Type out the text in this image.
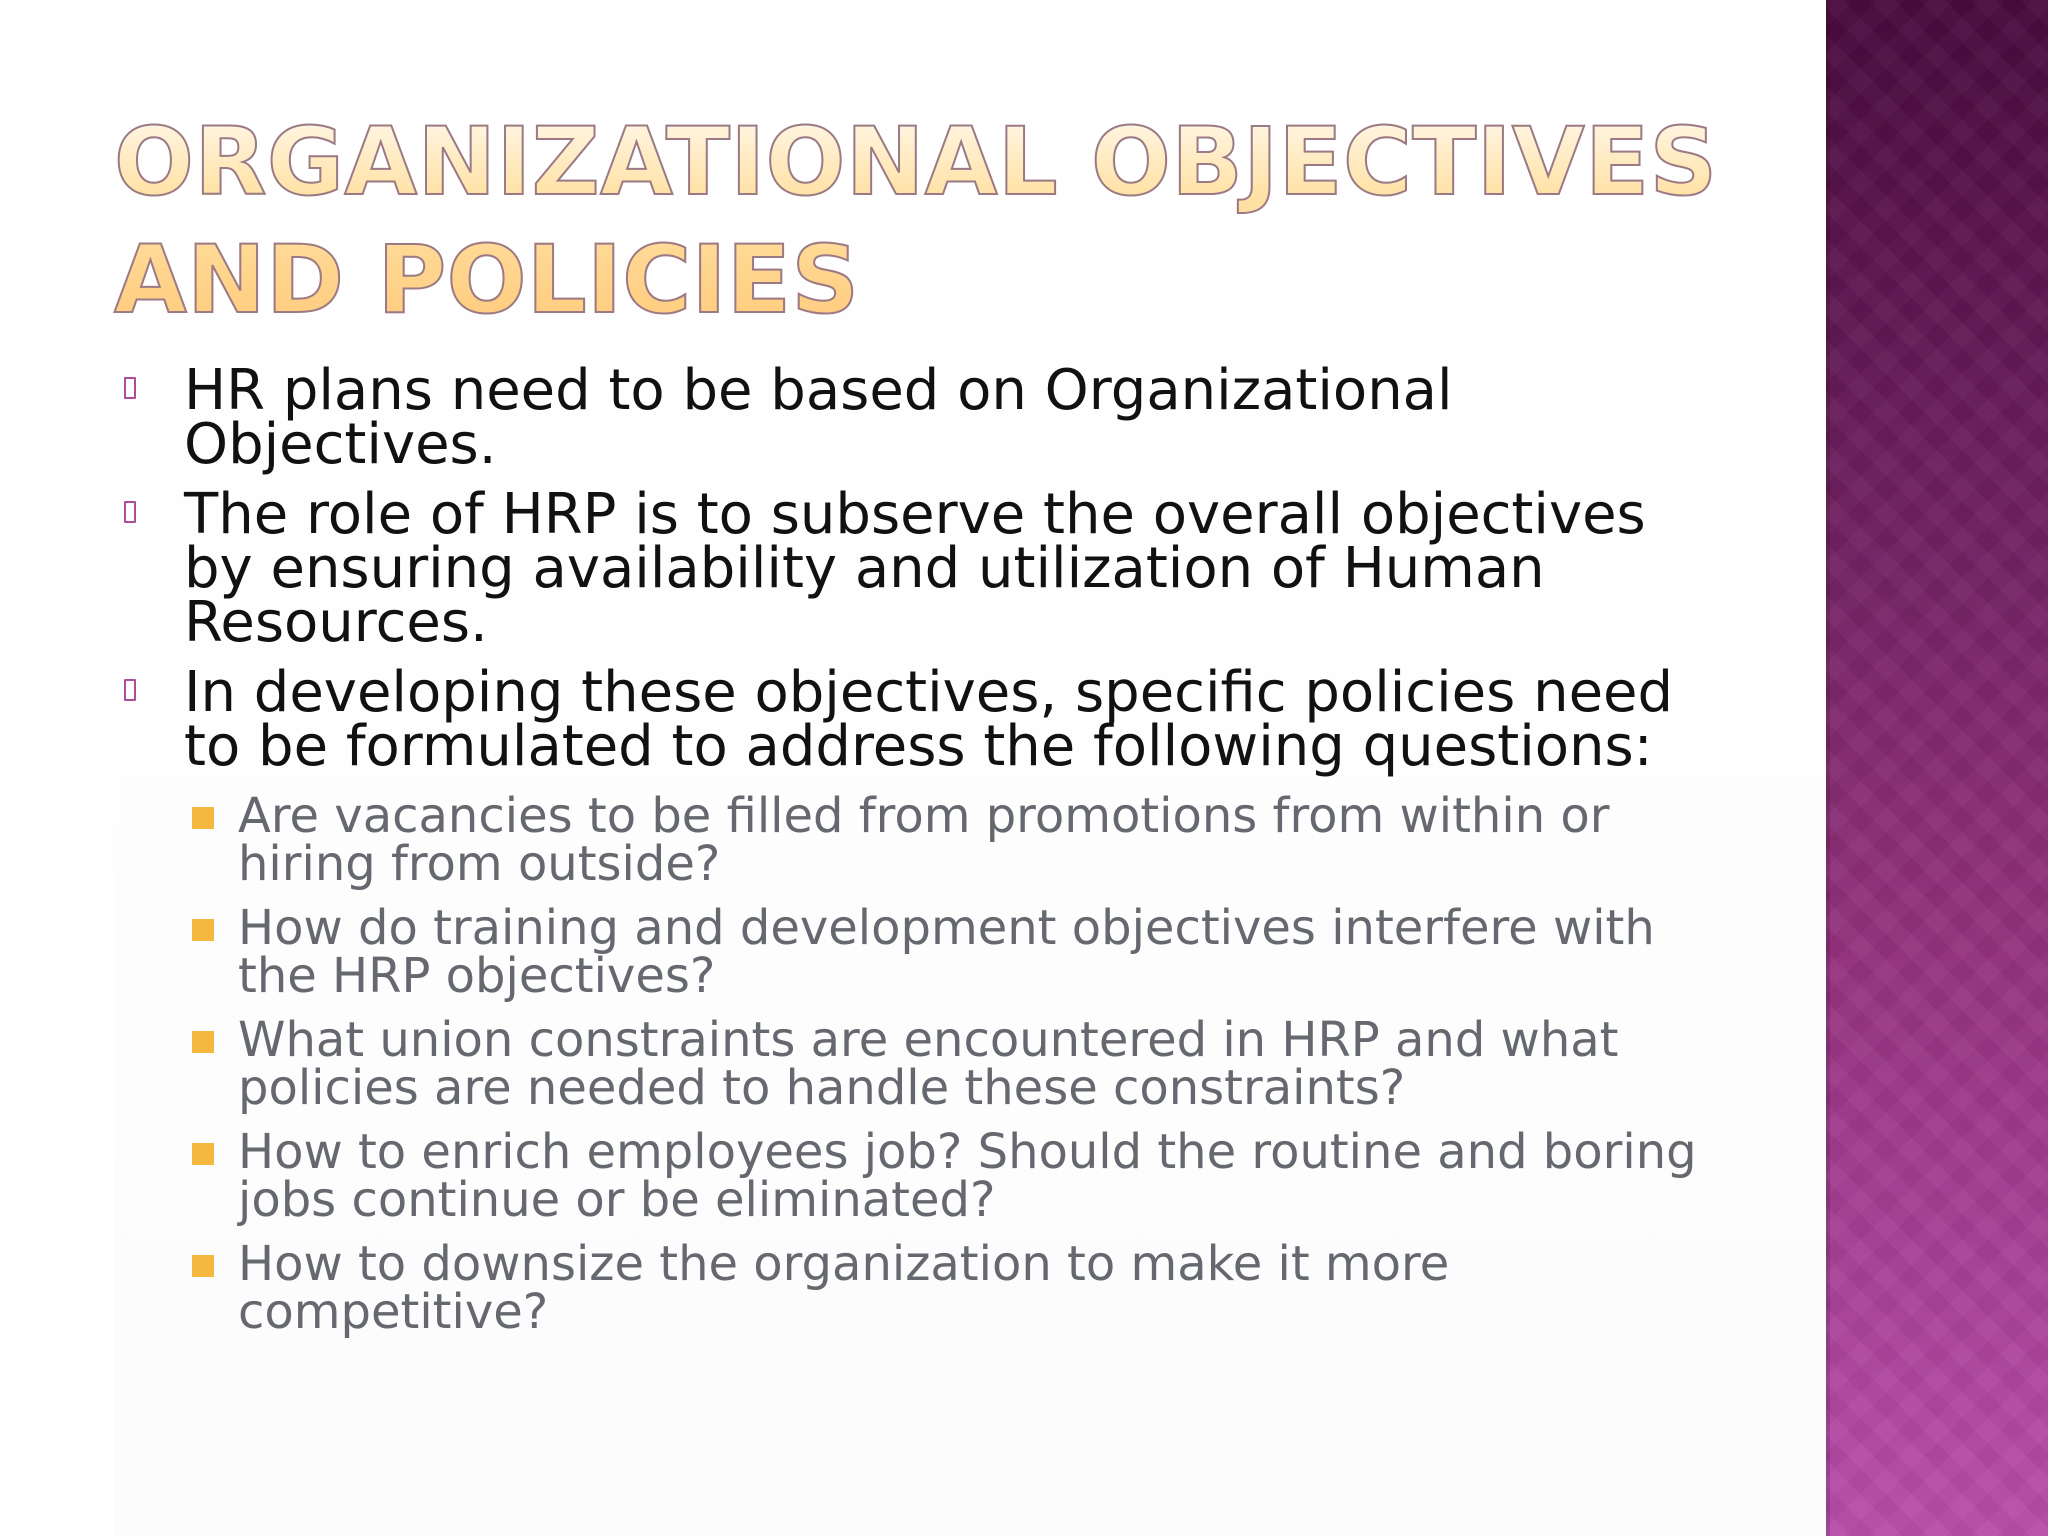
ORGANIZATIONAL OBJECTIVES AND POLICIES
HR plans need to be based on Organizational Objectives.
The role of HRP is to subserve the overall objectives by ensuring availability and utilization of Human Resources.
In developing these objectives, specific policies need to be formulated to address the following questions:
Are vacancies to be filled from promotions from within or hiring from outside?
How do training and development objectives interfere with the HRP objectives?
What union constraints are encountered in HRP and what policies are needed to handle these constraints?
How to enrich employees job? Should the routine and boring jobs continue or be eliminated?
How to downsize the organization to make it more competitive?
